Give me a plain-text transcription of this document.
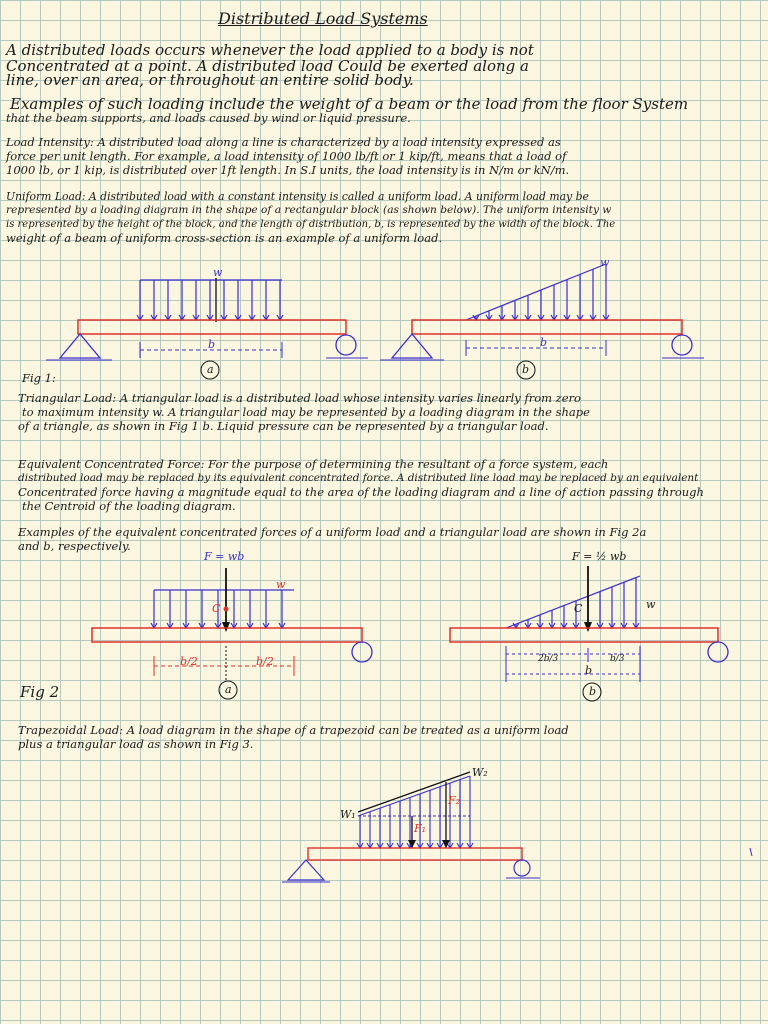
Distributed Load Systems
A distributed loads occurs whenever the load applied to a body is not
Concentrated at a point. A distributed load Could be exerted along a
line, over an area, or throughout an entire solid body.
Examples of such loading include the weight of a beam or the load from the floor System
that the beam supports, and loads caused by wind or liquid pressure.
Load Intensity: A distributed load along a line is characterized by a load intensity expressed as
force per unit length. For example, a load intensity of 1000 lb/ft or 1 kip/ft, means that a load of
1000 lb, or 1 kip, is distributed over 1ft length. In S.I units, the load intensity is in N/m or kN/m.
Uniform Load: A distributed load with a constant intensity is called a uniform load. A uniform load may be
represented by a loading diagram in the shape of a rectangular block (as shown below). The uniform intensity w
is represented by the height of the block, and the length of distribution, b, is represented by the width of the block. The
weight of a beam of uniform cross-section is an example of a uniform load.
w
b
a
w
b
b
Fig 1:
Triangular Load: A triangular load is a distributed load whose intensity varies linearly from zero
to maximum intensity w. A triangular load may be represented by a loading diagram in the shape
of a triangle, as shown in Fig 1 b. Liquid pressure can be represented by a triangular load.
Equivalent Concentrated Force: For the purpose of determining the resultant of a force system, each
distributed load may be replaced by its equivalent concentrated force. A distributed line load may be replaced by an equivalent
Concentrated force having a magnitude equal to the area of the loading diagram and a line of action passing through
the Centroid of the loading diagram.
Examples of the equivalent concentrated forces of a uniform load and a triangular load are shown in Fig 2a
and b, respectively.
F = wb
w
C
b/2	b/2
a
Fig 2
F = ½ wb
C	w
2b/3	b/3
b
b
Trapezoidal Load: A load diagram in the shape of a trapezoid can be treated as a uniform load
plus a triangular load as shown in Fig 3.
W₁
W₂
F₁
F₂
